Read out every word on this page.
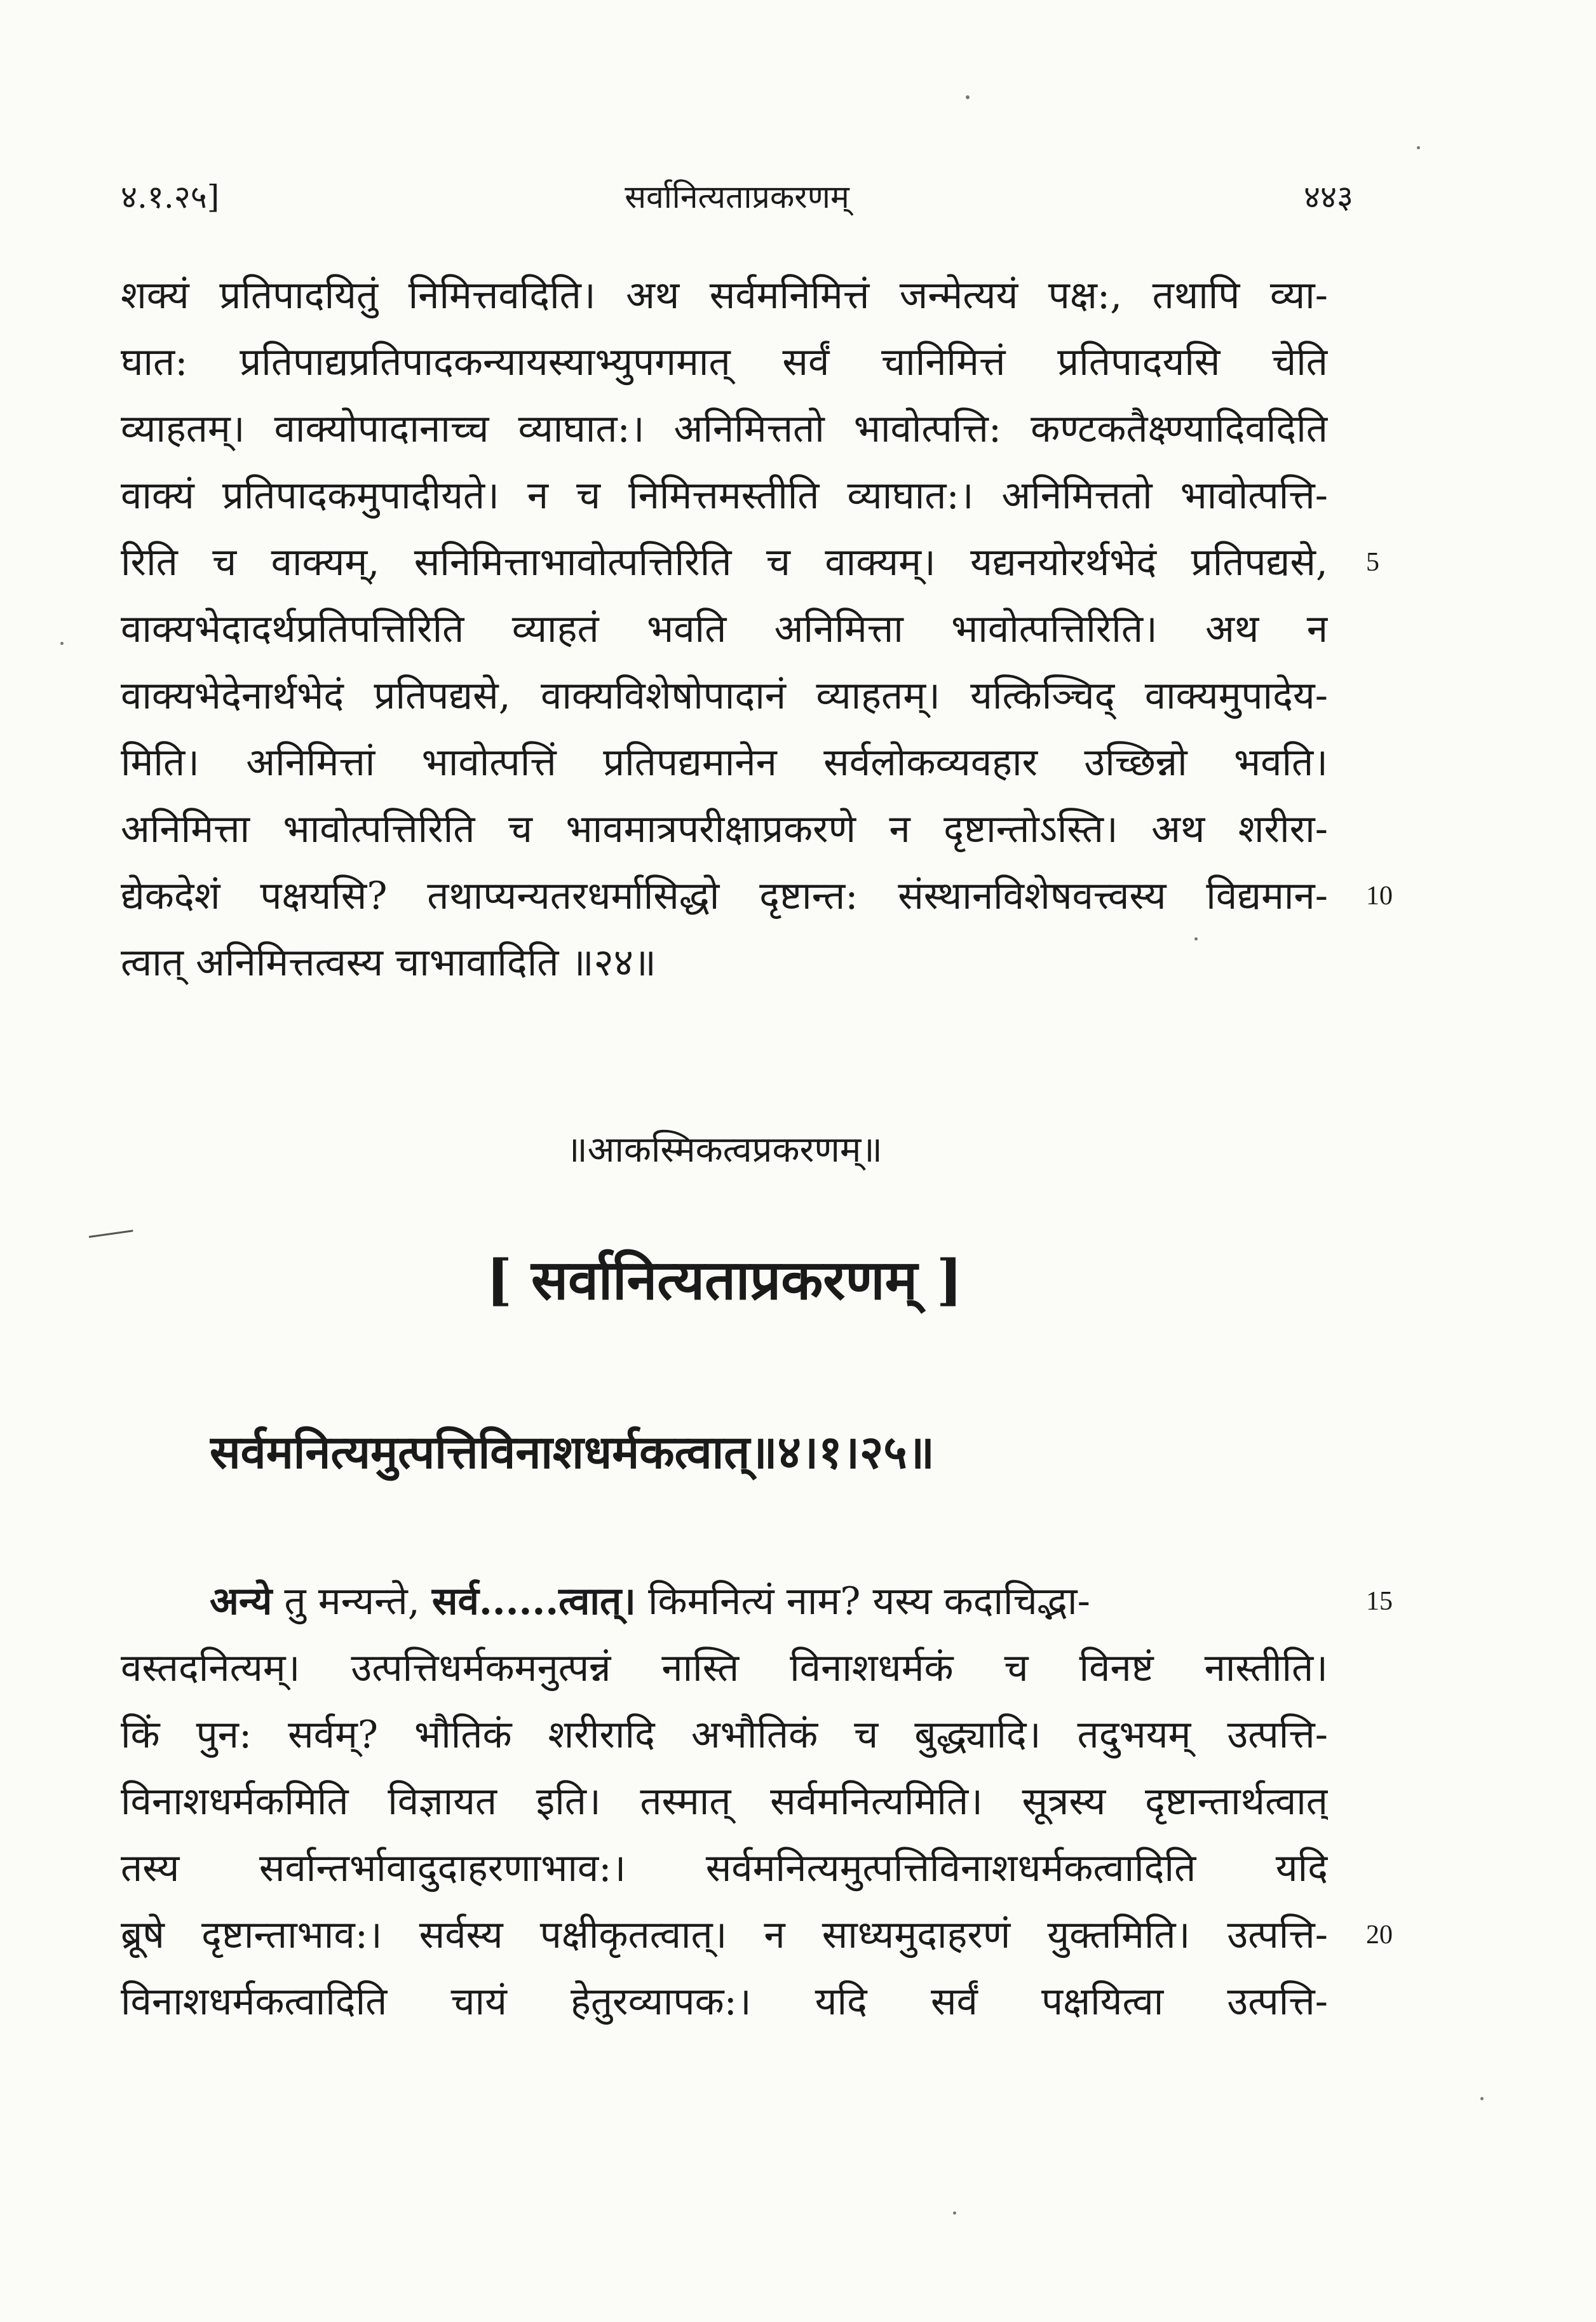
४.१.२५]	सर्वानित्यताप्रकरणम्	४४३
शक्यं प्रतिपादयितुं निमित्तवदिति। अथ सर्वमनिमित्तं जन्मेत्ययं पक्ष:, तथापि व्या-
घात: प्रतिपाद्यप्रतिपादकन्यायस्याभ्युपगमात् सर्वं चानिमित्तं प्रतिपादयसि चेति
व्याहतम्। वाक्योपादानाच्च व्याघात:। अनिमित्ततो भावोत्पत्ति: कण्टकतैक्ष्ण्यादिवदिति
वाक्यं प्रतिपादकमुपादीयते। न च निमित्तमस्तीति व्याघात:। अनिमित्ततो भावोत्पत्ति-
रिति च वाक्यम्, सनिमित्ताभावोत्पत्तिरिति च वाक्यम्। यद्यनयोरर्थभेदं प्रतिपद्यसे, 5
वाक्यभेदादर्थप्रतिपत्तिरिति व्याहतं भवति अनिमित्ता भावोत्पत्तिरिति। अथ न
वाक्यभेदेनार्थभेदं प्रतिपद्यसे, वाक्यविशेषोपादानं व्याहतम्। यत्किञ्चिद् वाक्यमुपादेय-
मिति। अनिमित्तां भावोत्पत्तिं प्रतिपद्यमानेन सर्वलोकव्यवहार उच्छिन्नो भवति।
अनिमित्ता भावोत्पत्तिरिति च भावमात्रपरीक्षाप्रकरणे न दृष्टान्तोऽस्ति। अथ शरीरा-
द्येकदेशं पक्षयसि? तथाप्यन्यतरधर्मासिद्धो दृष्टान्त: संस्थानविशेषवत्त्वस्य विद्यमान- 10
त्वात् अनिमित्तत्वस्य चाभावादिति ॥२४॥
॥आकस्मिकत्वप्रकरणम्॥
[ सर्वानित्यताप्रकरणम् ]
सर्वमनित्यमुत्पत्तिविनाशधर्मकत्वात्॥४।१।२५॥
अन्ये तु मन्यन्ते, सर्व......त्वात्। किमनित्यं नाम? यस्य कदाचिद्भा-	15
वस्तदनित्यम्। उत्पत्तिधर्मकमनुत्पन्नं नास्ति विनाशधर्मकं च विनष्टं नास्तीति।
किं पुन: सर्वम्? भौतिकं शरीरादि अभौतिकं च बुद्ध्यादि। तदुभयम् उत्पत्ति-
विनाशधर्मकमिति विज्ञायत इति। तस्मात् सर्वमनित्यमिति। सूत्रस्य दृष्टान्तार्थत्वात्
तस्य सर्वान्तर्भावादुदाहरणाभाव:। सर्वमनित्यमुत्पत्तिविनाशधर्मकत्वादिति यदि
ब्रूषे दृष्टान्ताभाव:। सर्वस्य पक्षीकृतत्वात्। न साध्यमुदाहरणं युक्तमिति। उत्पत्ति- 20
विनाशधर्मकत्वादिति चायं हेतुरव्यापक:। यदि सर्वं पक्षयित्वा उत्पत्ति-
